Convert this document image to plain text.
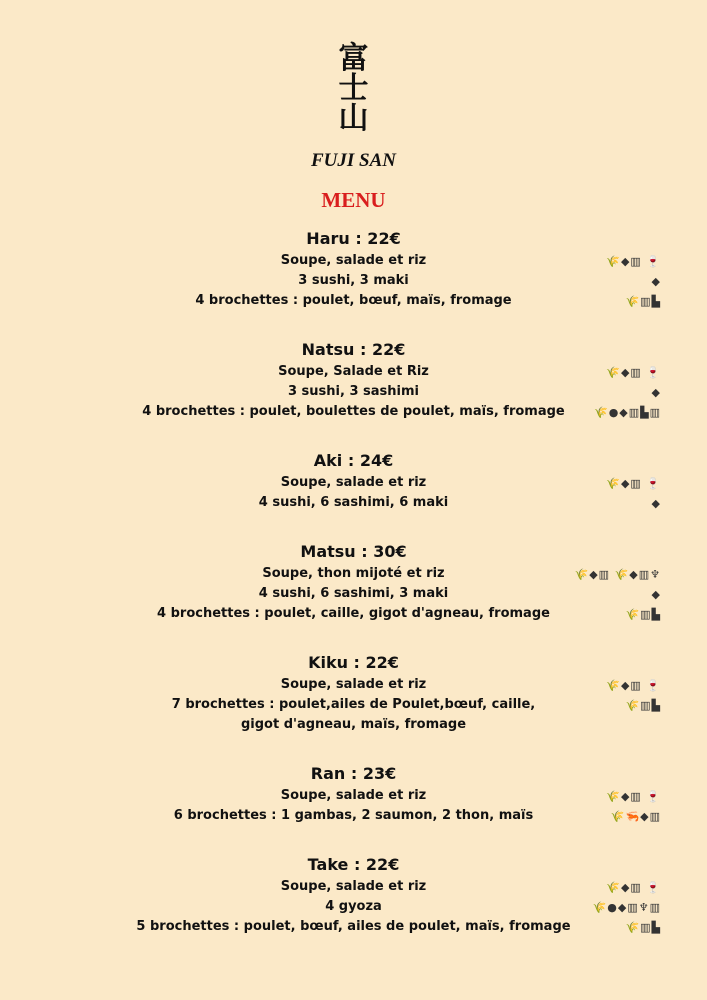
富
士
山
FUJI SAN
MENU
Haru : 22€
Soupe, salade et riz
3 sushi, 3 maki
4 brochettes : poulet, bœuf, maïs, fromage
🌾◆▥ 🍷
◆
🌾▥▙
Natsu : 22€
Soupe, Salade et Riz
3 sushi, 3 sashimi
4 brochettes : poulet, boulettes de poulet, maïs, fromage
🌾◆▥ 🍷
◆
🌾●◆▥▙▥
Aki : 24€
Soupe, salade et riz
4 sushi, 6 sashimi, 6 maki
🌾◆▥ 🍷
◆
Matsu : 30€
Soupe, thon mijoté et riz
4 sushi, 6 sashimi, 3 maki
4 brochettes : poulet, caille, gigot d'agneau, fromage
🌾◆▥ 🌾◆▥♆
◆
🌾▥▙
Kiku : 22€
Soupe, salade et riz
7 brochettes : poulet,ailes de Poulet,bœuf, caille,
gigot d'agneau, maïs, fromage
🌾◆▥ 🍷
🌾▥▙
Ran : 23€
Soupe, salade et riz
6 brochettes : 1 gambas, 2 saumon, 2 thon, maïs
🌾◆▥ 🍷
🌾🦐◆▥
Take : 22€
Soupe, salade et riz
4 gyoza
5 brochettes : poulet, bœuf, ailes de poulet, maïs, fromage
🌾◆▥ 🍷
🌾●◆▥♆▥
🌾▥▙
